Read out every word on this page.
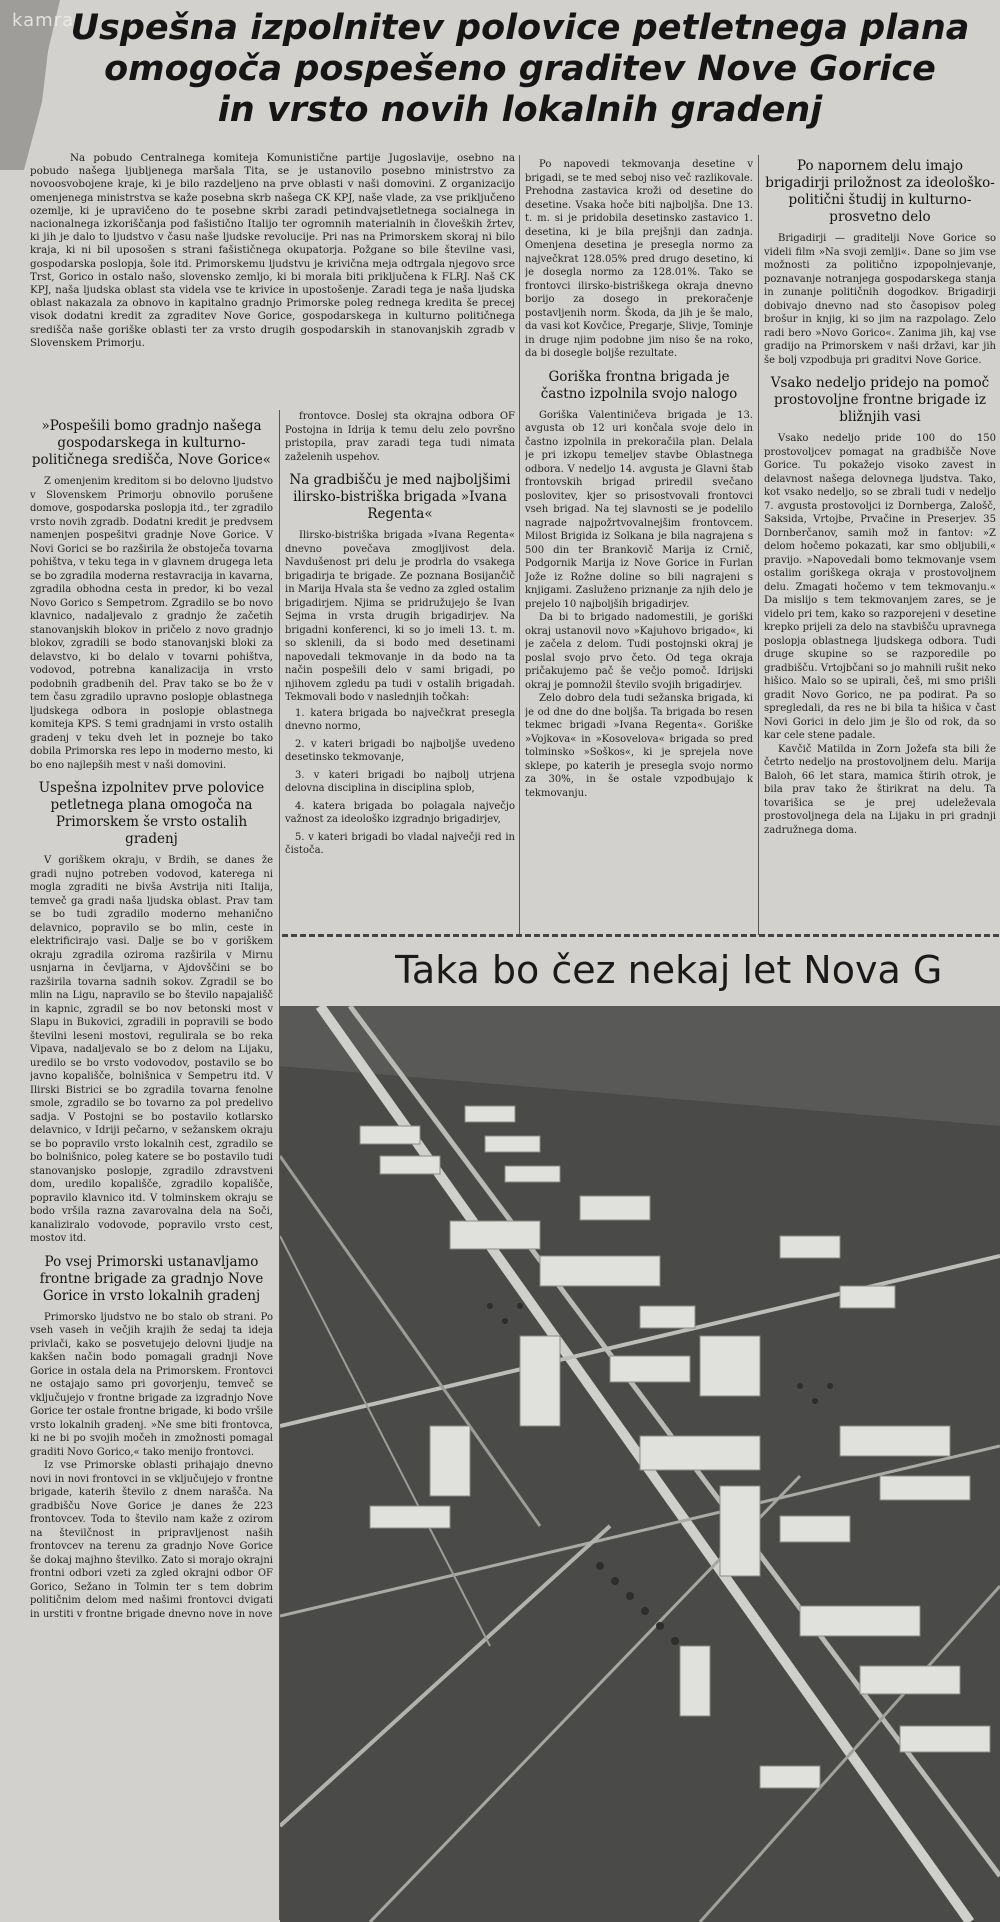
kamra
Uspešna izpolnitev polovice petletnega plana
omogoča pospešeno graditev Nove Gorice
in vrsto novih lokalnih gradenj

Na pobudo Centralnega komiteja Komunistične partije Jugoslavije, osebno na pobudo našega ljubljenega maršala Tita, se je ustanovilo posebno ministrstvo za novoosvobojene kraje, ki je bilo razdeljeno na prve oblasti v naši domovini. Z organizacijo omenjenega ministrstva se kaže posebna skrb našega CK KPJ, naše vlade, za vse priključeno ozemlje, ki je upravičeno do te posebne skrbi zaradi petindvajsetletnega socialnega in nacionalnega izkoriščanja pod fašistično Italijo ter ogromnih materialnih in človeških žrtev, ki jih je dalo to ljudstvo v času naše ljudske revolucije. Pri nas na Primorskem skoraj ni bilo kraja, ki ni bil uposošen s strani fašističnega okupatorja. Požgane so bile številne vasi, gospodarska poslopja, šole itd. Primorskemu ljudstvu je krivična meja odtrgala njegovo srce Trst, Gorico in ostalo našo, slovensko zemljo, ki bi morala biti priključena k FLRJ. Naš CK KPJ, naša ljudska oblast sta videla vse te krivice in upostošenje. Zaradi tega je naša ljudska oblast nakazala za obnovo in kapitalno gradnjo Primorske poleg rednega kredita še precej visok dodatni kredit za zgraditev Nove Gorice, gospodarskega in kulturno političnega središča naše goriške oblasti ter za vrsto drugih gospodarskih in stanovanjskih zgradb v Slovenskem Primorju.

»Pospešili bomo gradnjo našega gospodarskega in kulturno-političnega središča, Nove Gorice«

Z omenjenim kreditom si bo delovno ljudstvo v Slovenskem Primorju obnovilo porušene domove, gospodarska poslopja itd., ter zgradilo vrsto novih zgradb. Dodatni kredit je predvsem namenjen pospešitvi gradnje Nove Gorice. V Novi Gorici se bo razširila že obstoječa tovarna pohištva, v teku tega in v glavnem drugega leta se bo zgradila moderna restavracija in kavarna, zgradila obhodna cesta in predor, ki bo vezal Novo Gorico s Sempetrom. Zgradilo se bo novo klavnico, nadaljevalo z gradnjo že začetih stanovanjskih blokov in pričelo z novo gradnjo blokov, zgradili se bodo stanovanjski bloki za delavstvo, ki bo delalo v tovarni pohištva, vodovod, potrebna kanalizacija in vrsto podobnih gradbenih del. Prav tako se bo že v tem času zgradilo upravno poslopje oblastnega ljudskega odbora in poslopje oblastnega komiteja KPS. S temi gradnjami in vrsto ostalih gradenj v teku dveh let in pozneje bo tako dobila Primorska res lepo in moderno mesto, ki bo eno najlepših mest v naši domovini.

Uspešna izpolnitev prve polovice petletnega plana omogoča na Primorskem še vrsto ostalih gradenj

V goriškem okraju, v Brdih, se danes že gradi nujno potreben vodovod, katerega ni mogla zgraditi ne bivša Avstrija niti Italija, temveč ga gradi naša ljudska oblast. Prav tam se bo tudi zgradilo moderno mehanično delavnico, popravilo se bo mlin, ceste in elektrificirajo vasi. Dalje se bo v goriškem okraju zgradila oziroma razširila v Mirnu usnjarna in čevljarna, v Ajdovščini se bo razširila tovarna sadnih sokov. Zgradil se bo mlin na Ligu, napravilo se bo število napajališč in kapnic, zgradil se bo nov betonski most v Slapu in Bukovici, zgradili in popravili se bodo številni leseni mostovi, regulirala se bo reka Vipava, nadaljevalo se bo z delom na Lijaku, uredilo se bo vrsto vodovodov, postavilo se bo javno kopališče, bolnišnica v Sempetru itd. V Ilirski Bistrici se bo zgradila tovarna fenolne smole, zgradilo se bo tovarno za pol predelivo sadja. V Postojni se bo postavilo kotlarsko delavnico, v Idriji pečarno, v sežanskem okraju se bo popravilo vrsto lokalnih cest, zgradilo se bo bolnišnico, poleg katere se bo postavilo tudi stanovanjsko poslopje, zgradilo zdravstveni dom, uredilo kopališče, zgradilo kopališče, popravilo klavnico itd. V tolminskem okraju se bodo vršila razna zavarovalna dela na Soči, kanaliziralo vodovode, popravilo vrsto cest, mostov itd.

Po vsej Primorski ustanavljamo frontne brigade za gradnjo Nove Gorice in vrsto lokalnih gradenj

Primorsko ljudstvo ne bo stalo ob strani. Po vseh vaseh in večjih krajih že sedaj ta ideja privlači, kako se posvetujejo delovni ljudje na kakšen način bodo pomagali gradnji Nove Gorice in ostala dela na Primorskem. Frontovci ne ostajajo samo pri govorjenju, temveč se vključujejo v frontne brigade za izgradnjo Nove Gorice ter ostale frontne brigade, ki bodo vršile vrsto lokalnih gradenj. »Ne sme biti frontovca, ki ne bi po svojih močeh in zmožnosti pomagal graditi Novo Gorico,« tako menijo frontovci.

Iz vse Primorske oblasti prihajajo dnevno novi in novi frontovci in se vključujejo v frontne brigade, katerih število z dnem narašča. Na gradbišču Nove Gorice je danes že 223 frontovcev. Toda to število nam kaže z ozirom na številčnost in pripravljenost naših frontovcev na terenu za gradnjo Nove Gorice še dokaj majhno številko. Zato si morajo okrajni frontni odbori vzeti za zgled okrajni odbor OF Gorico, Sežano in Tolmin ter s tem dobrim političnim delom med našimi frontovci dvigati in urstiti v frontne brigade dnevno nove in nove

frontovce. Doslej sta okrajna odbora OF Postojna in Idrija k temu delu zelo površno pristopila, prav zaradi tega tudi nimata zaželenih uspehov.

Na gradbišču je med najboljšimi ilirsko-bistriška brigada »Ivana Regenta«

Ilirsko-bistriška brigada »Ivana Regenta« dnevno povečava zmogljivost dela. Navdušenost pri delu je prodrla do vsakega brigadirja te brigade. Ze poznana Bosijančič in Marija Hvala sta še vedno za zgled ostalim brigadirjem. Njima se pridružujejo še Ivan Sejma in vrsta drugih brigadirjev. Na brigadni konferenci, ki so jo imeli 13. t. m. so sklenili, da si bodo med desetinami napovedali tekmovanje in da bodo na ta način pospešili delo v sami brigadi, po njihovem zgledu pa tudi v ostalih brigadah. Tekmovali bodo v naslednjih točkah:

1. katera brigada bo največkrat presegla dnevno normo,
2. v kateri brigadi bo najboljše uvedeno desetinsko tekmovanje,
3. v kateri brigadi bo najbolj utrjena delovna disciplina in disciplina splob,
4. katera brigada bo polagala največjo važnost za ideološko izgradnjo brigadirjev,
5. v kateri brigadi bo vladal največji red in čistoča.

Po napovedi tekmovanja desetine v brigadi, se te med seboj niso več razlikovale. Prehodna zastavica kroži od desetine do desetine. Vsaka hoče biti najboljša. Dne 13. t. m. si je pridobila desetinsko zastavico 1. desetina, ki je bila prejšnji dan zadnja. Omenjena desetina je presegla normo za največkrat 128.05% pred drugo desetino, ki je dosegla normo za 128.01%. Tako se frontovci ilirsko-bistriškega okraja dnevno borijo za dosego in prekoračenje postavljenih norm. Škoda, da jih je še malo, da vasi kot Kovčice, Pregarje, Slivje, Tominje in druge njim podobne jim niso še na roko, da bi dosegle boljše rezultate.

Goriška frontna brigada je častno izpolnila svojo nalogo

Goriška Valentiničeva brigada je 13. avgusta ob 12 uri končala svoje delo in častno izpolnila in prekoračila plan. Delala je pri izkopu temeljev stavbe Oblastnega odbora. V nedeljo 14. avgusta je Glavni štab frontovskih brigad priredil svečano poslovitev, kjer so prisostvovali frontovci vseh brigad. Na tej slavnosti se je podelilo nagrade najpožrtvovalnejšim frontovcem. Milost Brigida iz Solkana je bila nagrajena s 500 din ter Brankovič Marija iz Crnič, Podgornik Marija iz Nove Gorice in Furlan Jože iz Rožne doline so bili nagrajeni s knjigami. Zasluženo priznanje za njih delo je prejelo 10 najboljših brigadirjev.

Da bi to brigado nadomestili, je goriški okraj ustanovil novo »Kajuhovo brigado«, ki je začela z delom. Tudi postojnski okraj je poslal svojo prvo četo. Od tega okraja pričakujemo pač še večjo pomoč. Idrijski okraj je pomnožil število svojih brigadirjev.

Zelo dobro dela tudi sežanska brigada, ki je od dne do dne boljša. Ta brigada bo resen tekmec brigadi »Ivana Regenta«. Goriške »Vojkova« in »Kosovelova« brigada so pred tolminsko »Soškos«, ki je sprejela nove sklepe, po katerih je presegla svojo normo za 30%, in še ostale vzpodbujajo k tekmovanju.

Po napornem delu imajo brigadirji priložnost za ideološko-politični študij in kulturno-prosvetno delo

Brigadirji — graditelji Nove Gorice so videli film »Na svoji zemlji«. Dane so jim vse možnosti za politično izpopolnjevanje, poznavanje notranjega gospodarskega stanja in zunanje političnih dogodkov. Brigadirji dobivajo dnevno nad sto časopisov poleg brošur in knjig, ki so jim na razpolago. Zelo radi bero »Novo Gorico«. Zanima jih, kaj vse gradijo na Primorskem v naši državi, kar jih še bolj vzpodbuja pri graditvi Nove Gorice.

Vsako nedeljo pridejo na pomoč prostovoljne frontne brigade iz bližnjih vasi

Vsako nedeljo pride 100 do 150 prostovoljcev pomagat na gradbišče Nove Gorice. Tu pokažejo visoko zavest in delavnost našega delovnega ljudstva. Tako, kot vsako nedeljo, so se zbrali tudi v nedeljo 7. avgusta prostovoljci iz Dornberga, Zalošč, Saksida, Vrtojbe, Prvačine in Preserjev. 35 Dornberčanov, samih mož in fantov: »Z delom hočemo pokazati, kar smo obljubili,« pravijo. »Napovedali bomo tekmovanje vsem ostalim goriškega okraja v prostovoljnem delu. Zmagati hočemo v tem tekmovanju.« Da mislijo s tem tekmovanjem zares, se je videlo pri tem, kako so razporejeni v desetine krepko prijeli za delo na stavbišču upravnega poslopja oblastnega ljudskega odbora. Tudi druge skupine so se razporedile po gradbišču. Vrtojbčani so jo mahnili rušit neko hišico. Malo so se upirali, češ, mi smo prišli gradit Novo Gorico, ne pa podirat. Pa so spregledali, da res ne bi bila ta hišica v čast Novi Gorici in delo jim je šlo od rok, da so kar cele stene padale.

Kavčič Matilda in Zorn Jožefa sta bili že četrto nedeljo na prostovoljnem delu. Marija Baloh, 66 let stara, mamica štirih otrok, je bila prav tako že štirikrat na delu. Ta tovarišica se je prej udeleževala prostovoljnega dela na Lijaku in pri gradnji zadružnega doma.

Taka bo čez nekaj let Nova G
